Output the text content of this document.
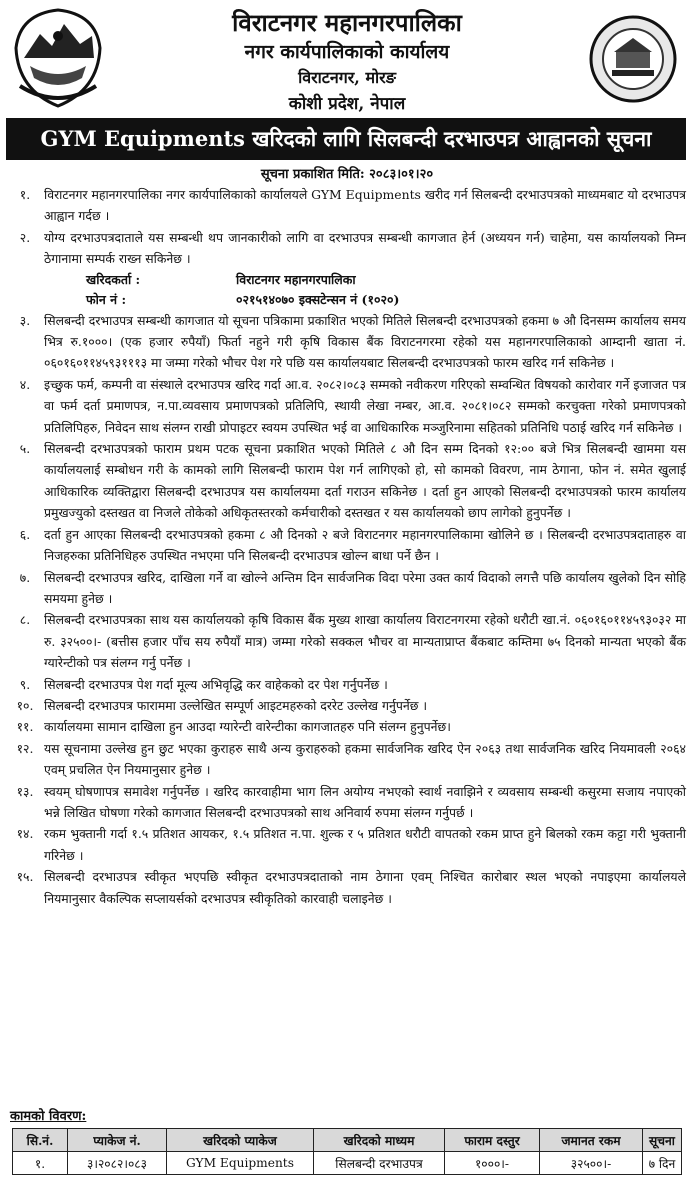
विराटनगर महानगरपालिका
नगर कार्यपालिकाको कार्यालय
विराटनगर, मोरङ
कोशी प्रदेश, नेपाल
GYM Equipments खरिदको लागि सिलबन्दी दरभाउपत्र आह्वानको सूचना
सूचना प्रकाशित मिति: २०८३।०१।२०
१.	विराटनगर महानगरपालिका नगर कार्यपालिकाको कार्यालयले GYM Equipments खरीद गर्न सिलबन्दी दरभाउपत्रको माध्यमबाट यो दरभाउपत्र आह्वान गर्दछ ।
२.	योग्य दरभाउपत्रदाताले यस सम्बन्धी थप जानकारीको लागि वा दरभाउपत्र सम्बन्धी कागजात हेर्न (अध्ययन गर्न) चाहेमा, यस कार्यालयको निम्न ठेगानामा सम्पर्क राख्न सकिनेछ ।
खरिदकर्ता :	विराटनगर महानगरपालिका
फोन नं :	०२१५१४०७० इक्सटेन्सन नं (१०२०)
३.	सिलबन्दी दरभाउपत्र सम्बन्धी कागजात यो सूचना पत्रिकामा प्रकाशित भएको मितिले सिलबन्दी दरभाउपत्रको हकमा ७ औ दिनसम्म कार्यालय समय भित्र रु.१०००। (एक हजार रुपैयाँ) फिर्ता नहुने गरी कृषि विकास बैंक विराटनगरमा रहेको यस महानगरपालिकाको आम्दानी खाता नं. ०६०१६०११४५९३१११३ मा जम्मा गरेको भौचर पेश गरे पछि यस कार्यालयबाट सिलबन्दी दरभाउपत्रको फारम खरिद गर्न सकिनेछ ।
४.	इच्छुक फर्म, कम्पनी वा संस्थाले दरभाउपत्र खरिद गर्दा आ.व. २०८२।०८३ सम्मको नवीकरण गरिएको सम्वन्धित विषयको कारोवार गर्ने इजाजत पत्र वा फर्म दर्ता प्रमाणपत्र, न.पा.व्यवसाय प्रमाणपत्रको प्रतिलिपि, स्थायी लेखा नम्बर, आ.व. २०८१।०८२ सम्मको करचुक्ता गरेको प्रमाणपत्रको प्रतिलिपिहरु, निवेदन साथ संलग्न राखी प्रोपाइटर स्वयम उपस्थित भई वा आधिकारिक मञ्जुरिनामा सहितको प्रतिनिधि पठाई खरिद गर्न सकिनेछ ।
५.	सिलबन्दी दरभाउपत्रको फाराम प्रथम पटक सूचना प्रकाशित भएको मितिले ८ औ दिन सम्म दिनको १२:०० बजे भित्र सिलबन्दी खाममा यस कार्यालयलाई सम्बोधन गरी के कामको लागि सिलबन्दी फाराम पेश गर्न लागिएको हो, सो कामको विवरण, नाम ठेगाना, फोन नं. समेत खुलाई आधिकारिक व्यक्तिद्वारा सिलबन्दी दरभाउपत्र यस कार्यालयमा दर्ता गराउन सकिनेछ । दर्ता हुन आएको सिलबन्दी दरभाउपत्रको फारम कार्यालय प्रमुखज्युको दस्तखत वा निजले तोकेको अधिकृतस्तरको कर्मचारीको दस्तखत र यस कार्यालयको छाप लागेको हुनुपर्नेछ ।
६.	दर्ता हुन आएका सिलबन्दी दरभाउपत्रको हकमा ८ औ दिनको २ बजे विराटनगर महानगरपालिकामा खोलिने छ । सिलबन्दी दरभाउपत्रदाताहरु वा निजहरुका प्रतिनिधिहरु उपस्थित नभएमा पनि सिलबन्दी दरभाउपत्र खोल्न बाधा पर्ने छैन ।
७.	सिलबन्दी दरभाउपत्र खरिद, दाखिला गर्ने वा खोल्ने अन्तिम दिन सार्वजनिक विदा परेमा उक्त कार्य विदाको लगत्तै पछि कार्यालय खुलेको दिन सोहि समयमा हुनेछ ।
८.	सिलबन्दी दरभाउपत्रका साथ यस कार्यालयको कृषि विकास बैंक मुख्य शाखा कार्यालय विराटनगरमा रहेको धरौटी खा.नं. ०६०१६०११४५९३०३२ मा रु. ३२५००।- (बत्तीस हजार पाँच सय रुपैयाँ मात्र) जम्मा गरेको सक्कल भौचर वा मान्यताप्राप्त बैंकबाट कम्तिमा ७५ दिनको मान्यता भएको बैंक ग्यारेन्टीको पत्र संलग्न गर्नु पर्नेछ ।
९.	सिलबन्दी दरभाउपत्र पेश गर्दा मूल्य अभिवृद्धि कर वाहेकको दर पेश गर्नुपर्नेछ ।
१०. सिलबन्दी दरभाउपत्र फाराममा उल्लेखित सम्पूर्ण आइटमहरुको दररेट उल्लेख गर्नुपर्नेछ ।
११. कार्यालयमा सामान दाखिला हुन आउदा ग्यारेन्टी वारेन्टीका कागजातहरु पनि संलग्न हुनुपर्नेछ।
१२. यस सूचनामा उल्लेख हुन छुट भएका कुराहरु साथै अन्य कुराहरुको हकमा सार्वजनिक खरिद ऐन २०६३ तथा सार्वजनिक खरिद नियमावली २०६४ एवम् प्रचलित ऐन नियमानुसार हुनेछ ।
१३. स्वयम् घोषणापत्र समावेश गर्नुपर्नेछ । खरिद कारवाहीमा भाग लिन अयोग्य नभएको स्वार्थ नवाझिने र व्यवसाय सम्बन्धी कसुरमा सजाय नपाएको भन्ने लिखित घोषणा गरेको कागजात सिलबन्दी दरभाउपत्रको साथ अनिवार्य रुपमा संलग्न गर्नुपर्छ ।
१४. रकम भुक्तानी गर्दा १.५ प्रतिशत आयकर, १.५ प्रतिशत न.पा. शुल्क र ५ प्रतिशत धरौटी वापतको रकम प्राप्त हुने बिलको रकम कट्टा गरी भुक्तानी गरिनेछ ।
१५. सिलबन्दी दरभाउपत्र स्वीकृत भएपछि स्वीकृत दरभाउपत्रदाताको नाम ठेगाना एवम् निश्चित कारोबार स्थल भएको नपाइएमा कार्यालयले नियमानुसार वैकल्पिक सप्लायर्सको दरभाउपत्र स्वीकृतिको कारवाही चलाइनेछ ।
कामको विवरण:
सि.नं.	प्याकेज नं.	खरिदको प्याकेज	खरिदको माध्यम	फाराम दस्तुर	जमानत रकम	सूचना
१.	३।२०८२।०८३	GYM Equipments	सिलबन्दी दरभाउपत्र	१०००।-	३२५००।-	७ दिन
